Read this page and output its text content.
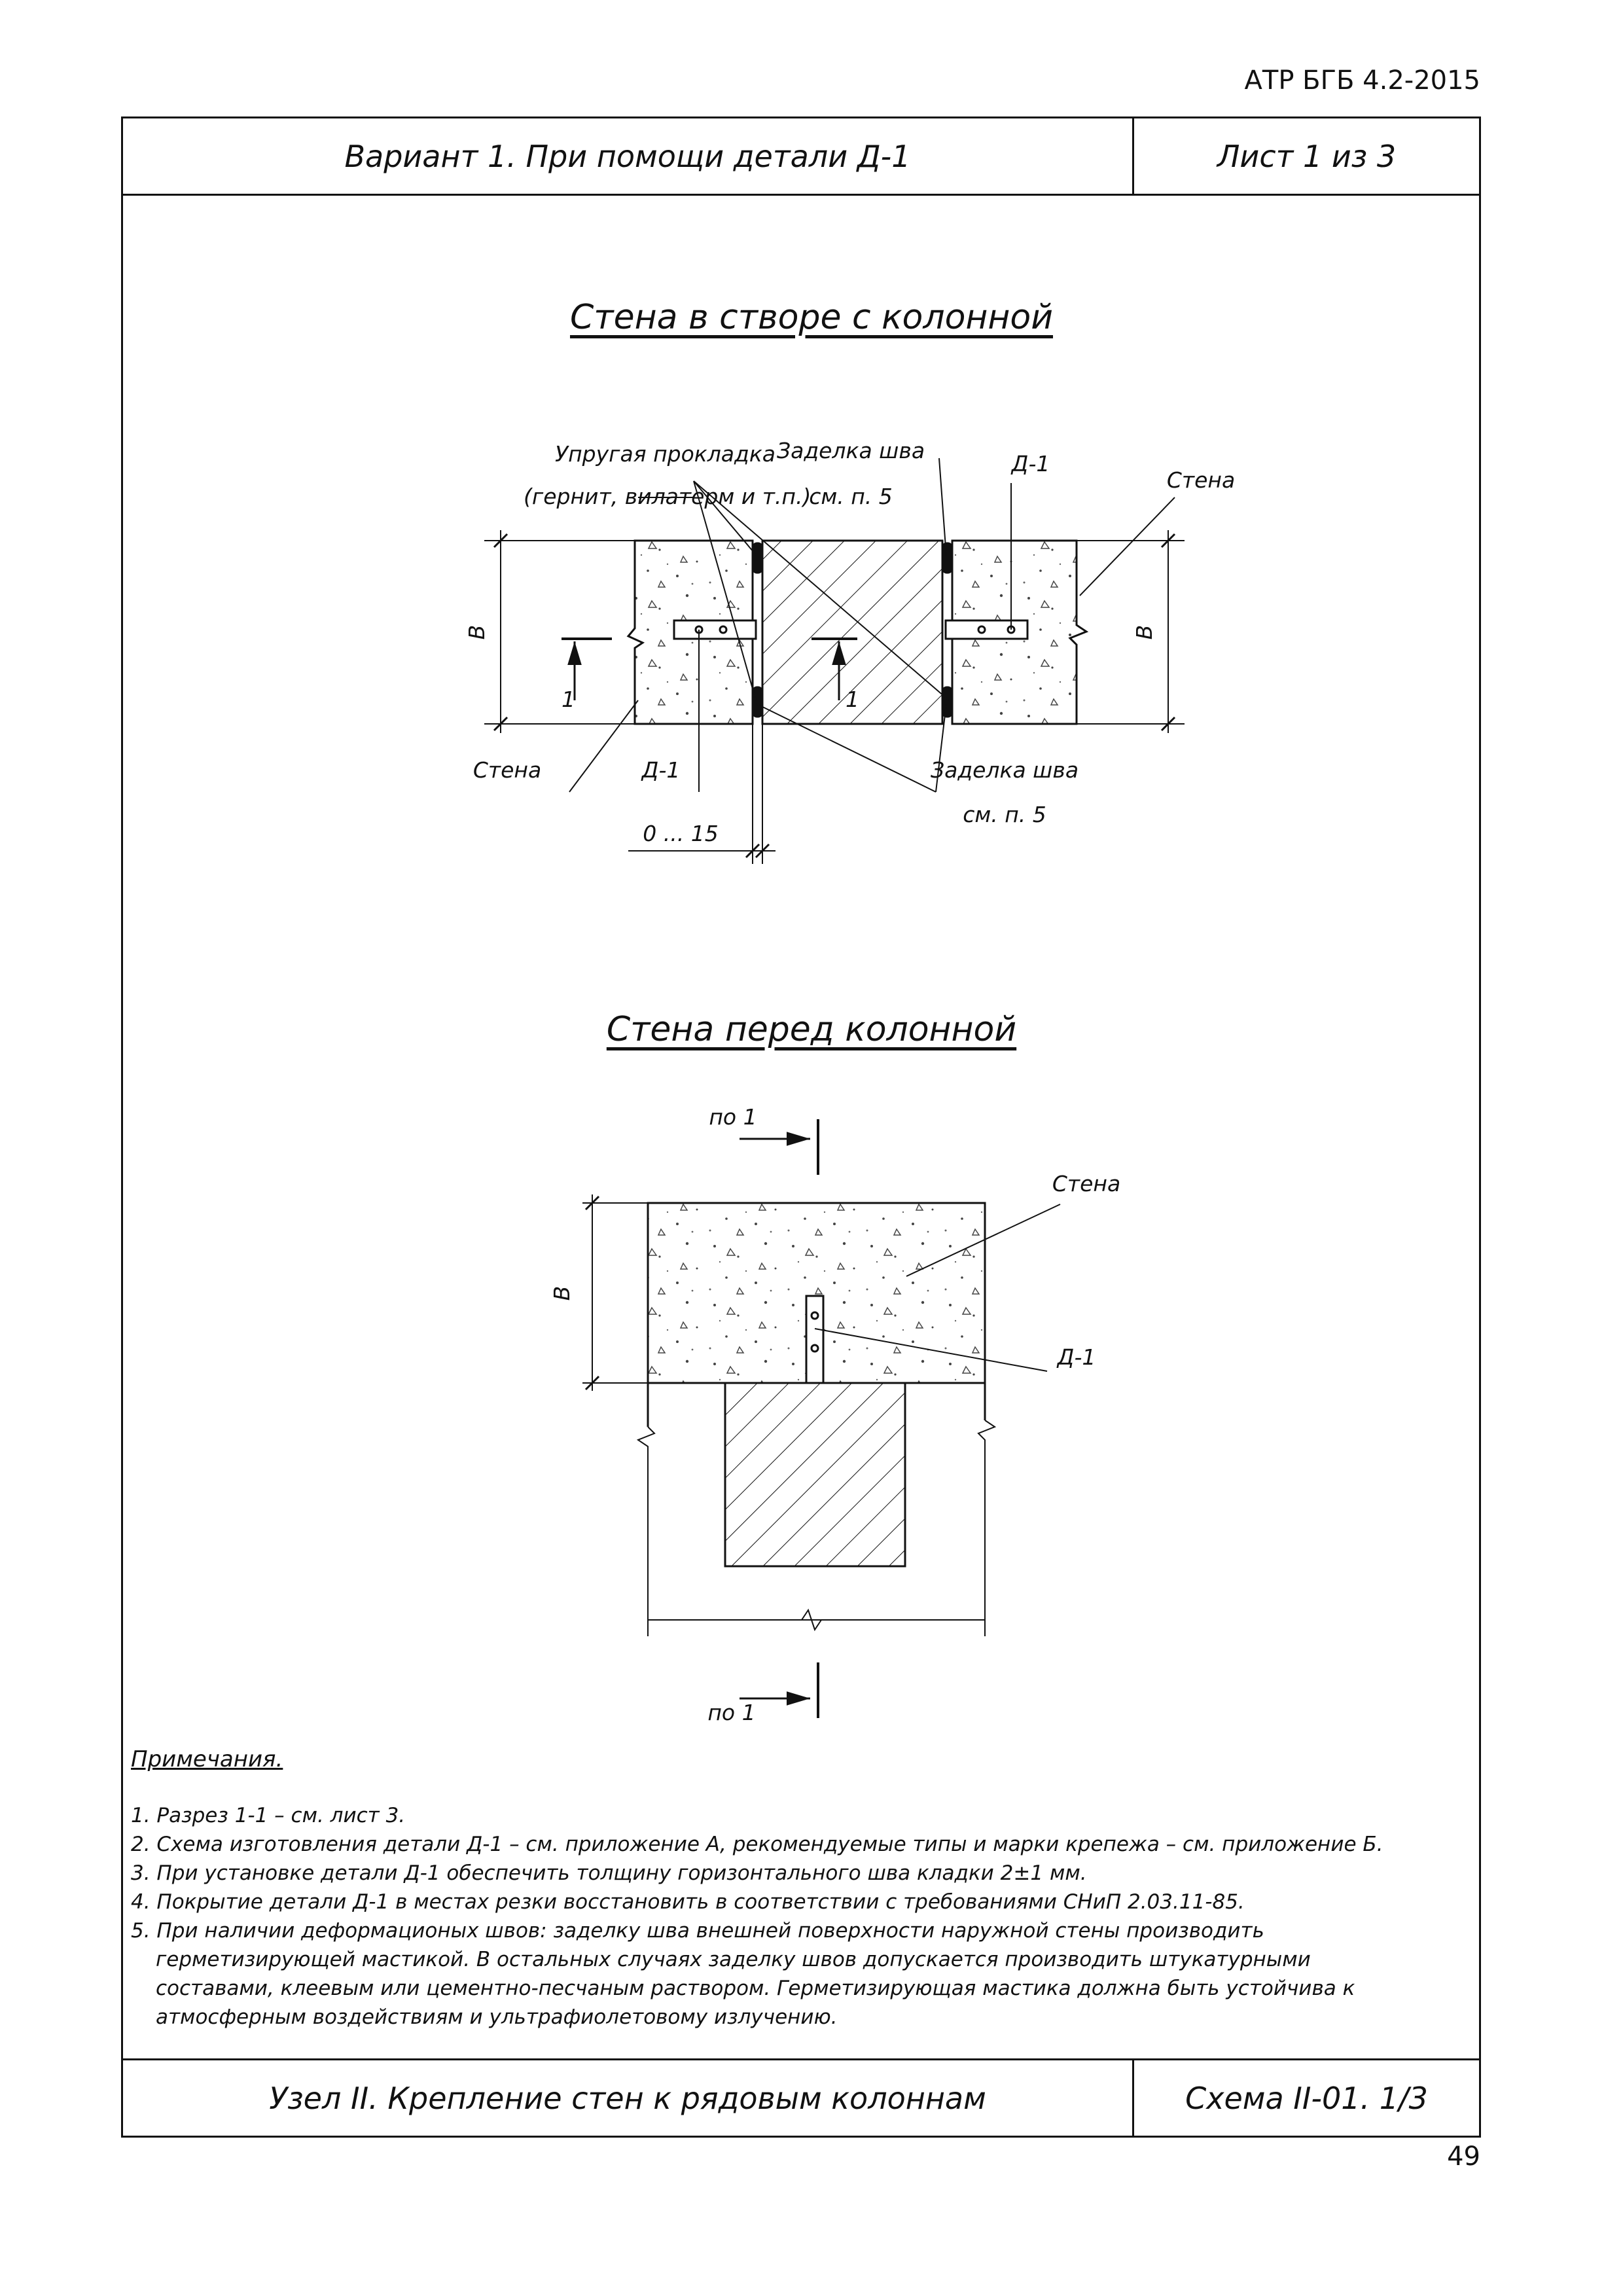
АТР БГБ 4.2-2015
Вариант 1. При помощи детали Д-1	Лист 1 из 3
Узел II. Крепление стен к рядовым колоннам	Схема II-01. 1/3
Стена в створе с колонной
Стена перед колонной
Упругая прокладка
(гернит, вилатерм и т.п.)
Заделка шва
см. п. 5
Д-1
Стена
В	В
1	1
Стена	Д-1	Заделка шва
см. п. 5
0 ... 15
по 1
Стена
В
Д-1
по 1
Примечания.
1. Разрез 1-1 – см. лист 3.
2. Схема изготовления детали Д-1 – см. приложение А, рекомендуемые типы и марки крепежа – см. приложение Б.
3. При установке детали Д-1 обеспечить толщину горизонтального шва кладки 2±1 мм.
4. Покрытие детали Д-1 в местах резки восстановить в соответствии с требованиями СНиП 2.03.11-85.
5. При наличии деформационых швов: заделку шва внешней поверхности наружной стены производить герметизирующей мастикой. В остальных случаях заделку швов допускается производить штукатурными составами, клеевым или цементно-песчаным раствором. Герметизирующая мастика должна быть устойчива к атмосферным воздействиям и ультрафиолетовому излучению.
49
